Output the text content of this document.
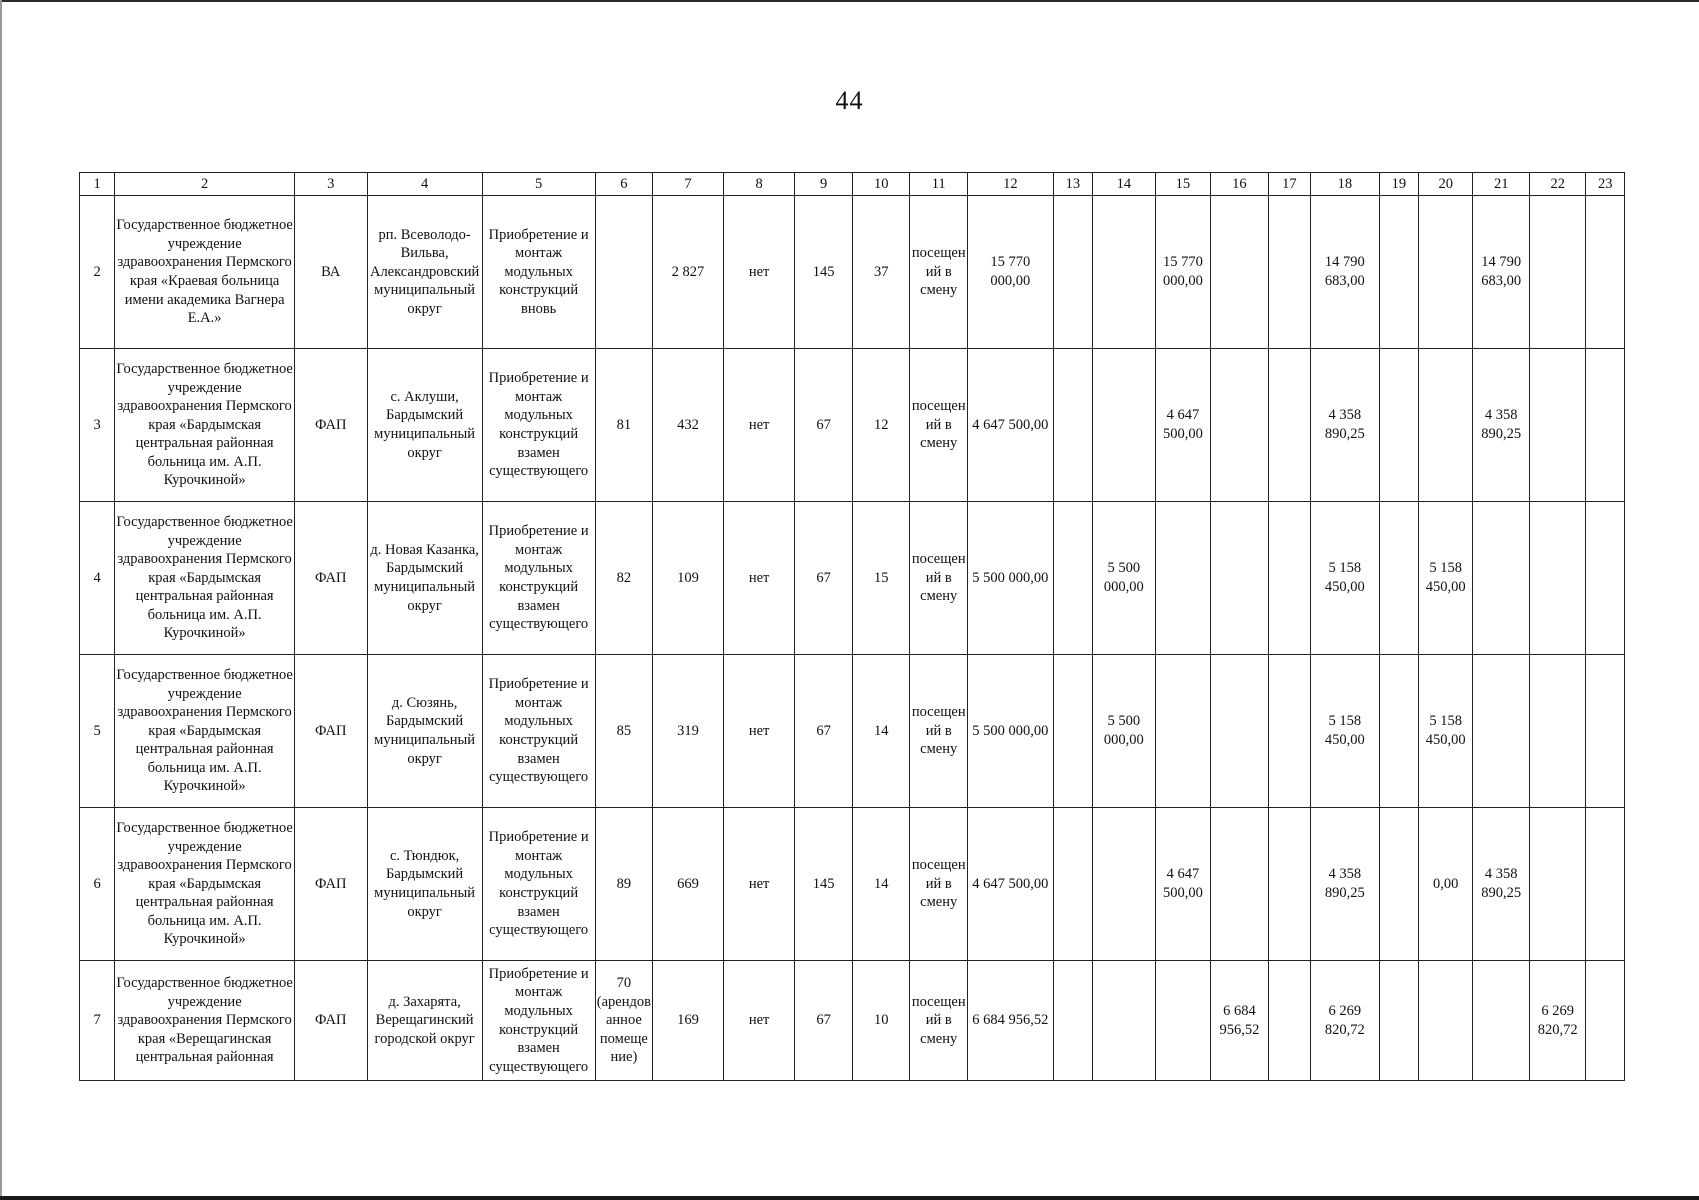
44
1	2	3	4	5	6	7	8	9	10	11	12	13	14	15	16	17	18	19	20	21	22	23
2	Государственное бюджетное учреждение здравоохранения Пермского края «Краевая больница имени академика Вагнера Е.А.»	ВА	рп. Всеволодо-Вильва, Александровский муниципальный округ	Приобретение и монтаж модульных конструкций вновь		2 827	нет	145	37	посещений в смену	15 770 000,00			15 770 000,00			14 790 683,00			14 790 683,00		
3	Государственное бюджетное учреждение здравоохранения Пермского края «Бардымская центральная районная больница им. А.П. Курочкиной»	ФАП	с. Аклуши, Бардымский муниципальный округ	Приобретение и монтаж модульных конструкций взамен существующего	81	432	нет	67	12	посещений в смену	4 647 500,00			4 647 500,00			4 358 890,25			4 358 890,25		
4	Государственное бюджетное учреждение здравоохранения Пермского края «Бардымская центральная районная больница им. А.П. Курочкиной»	ФАП	д. Новая Казанка, Бардымский муниципальный округ	Приобретение и монтаж модульных конструкций взамен существующего	82	109	нет	67	15	посещений в смену	5 500 000,00		5 500 000,00				5 158 450,00		5 158 450,00			
5	Государственное бюджетное учреждение здравоохранения Пермского края «Бардымская центральная районная больница им. А.П. Курочкиной»	ФАП	д. Сюзянь, Бардымский муниципальный округ	Приобретение и монтаж модульных конструкций взамен существующего	85	319	нет	67	14	посещений в смену	5 500 000,00		5 500 000,00				5 158 450,00		5 158 450,00			
6	Государственное бюджетное учреждение здравоохранения Пермского края «Бардымская центральная районная больница им. А.П. Курочкиной»	ФАП	с. Тюндюк, Бардымский муниципальный округ	Приобретение и монтаж модульных конструкций взамен существующего	89	669	нет	145	14	посещений в смену	4 647 500,00			4 647 500,00			4 358 890,25		0,00	4 358 890,25		
7	Государственное бюджетное учреждение здравоохранения Пермского края «Верещагинская центральная районная	ФАП	д. Захарята, Верещагинский городской округ	Приобретение и монтаж модульных конструкций взамен существующего	70 (арендованное помещение)	169	нет	67	10	посещений в смену	6 684 956,52				6 684 956,52		6 269 820,72				6 269 820,72	
